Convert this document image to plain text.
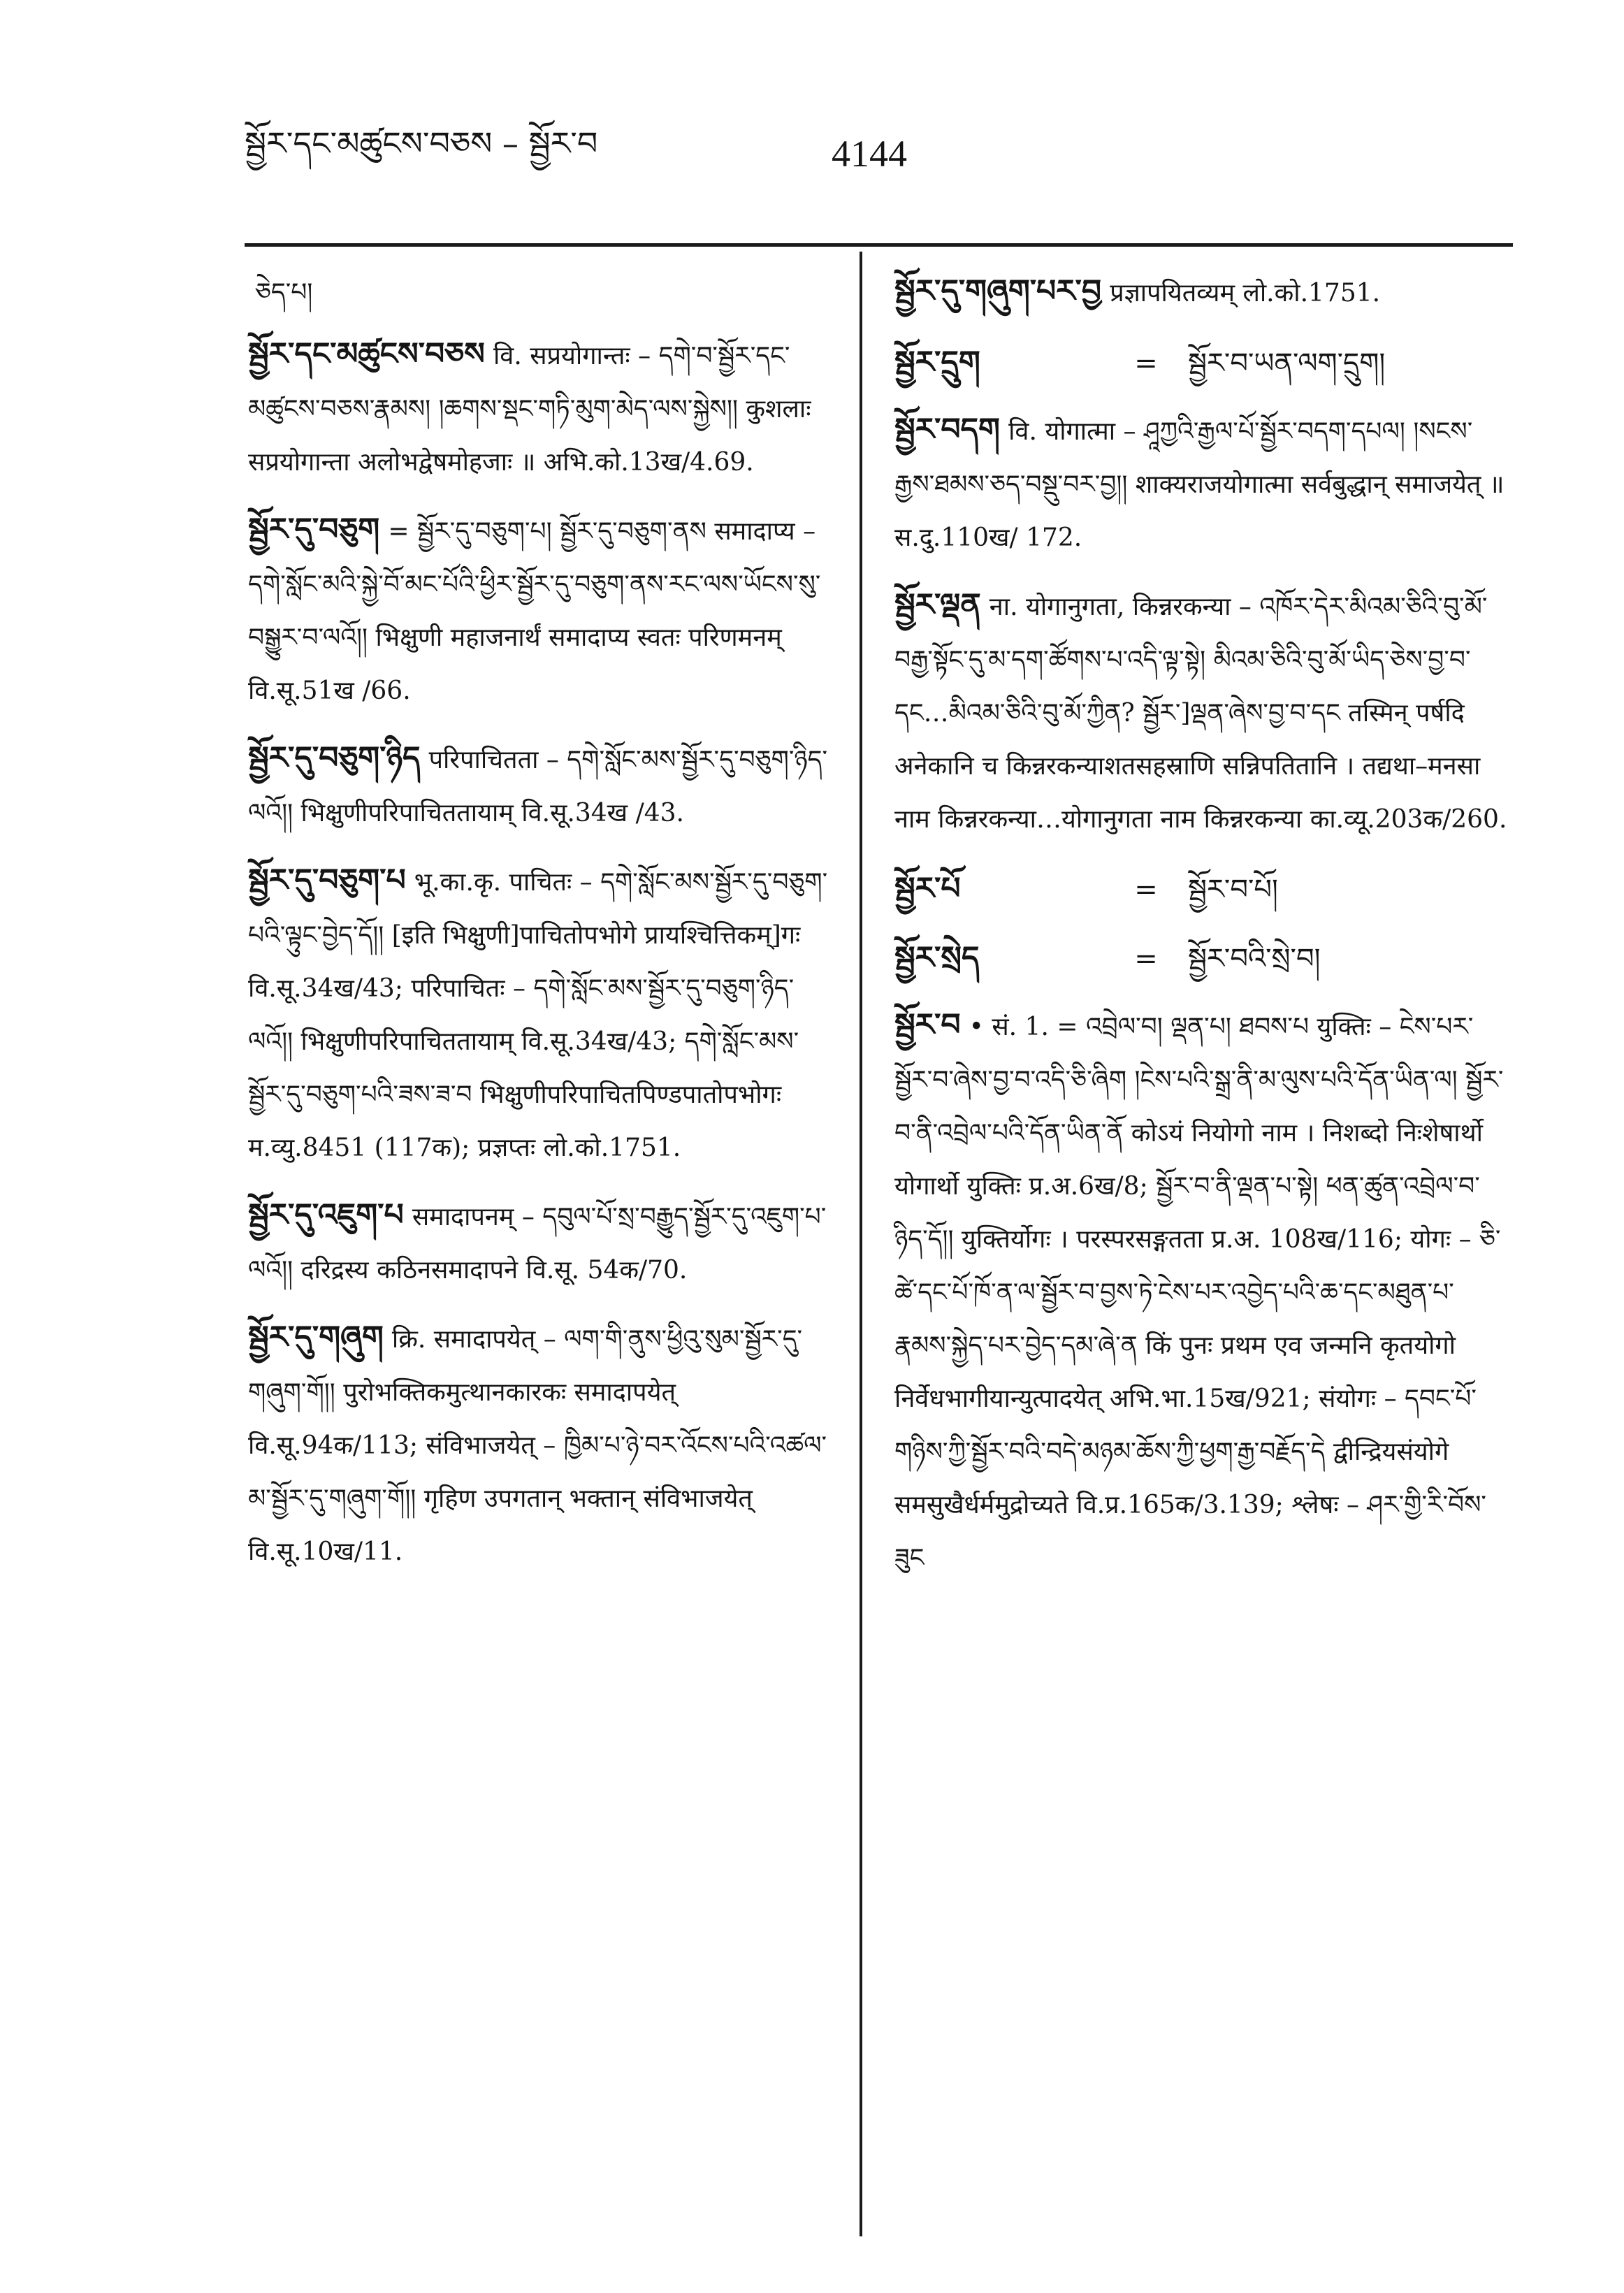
སྦྱོར་དང་མཚུངས་བཅས – སྦྱོར་བ	4144

ཅེད་པ།

སྦྱོར་དང་མཚུངས་བཅས वि. सप्रयोगान्तः – དགེ་བ་སྦྱོར་དང་མཚུངས་བཅས་རྣམས། །ཆགས་སྡང་གཏི་མུག་མེད་ལས་སྐྱེས།། कुशलाः सप्रयोगान्ता अलोभद्वेषमोहजाः ॥ अभि.को.13ख/4.69.

སྦྱོར་དུ་བཅུག = སྦྱོར་དུ་བཅུག་པ། སྦྱོར་དུ་བཅུག་ནས समादाप्य – དགེ་སློང་མའི་སྐྱེ་བོ་མང་པོའི་ཕྱིར་སྦྱོར་དུ་བཅུག་ནས་རང་ལས་ཡོངས་སུ་བསྒྱུར་བ་ལའོ།། भिक्षुणी महाजनार्थं समादाप्य स्वतः परिणमनम् वि.सू.51ख /66.

སྦྱོར་དུ་བཅུག་ཉིད परिपाचितता – དགེ་སློང་མས་སྦྱོར་དུ་བཅུག་ཉིད་ལའོ།། भिक्षुणीपरिपाचिततायाम् वि.सू.34ख /43.

སྦྱོར་དུ་བཅུག་པ भू.का.कृ. पाचितः – དགེ་སློང་མས་སྦྱོར་དུ་བཅུག་པའི་ལྟུང་བྱེད་དོ།། [इति भिक्षुणी]पाचितोपभोगे प्रायश्चित्तिकम्]गः वि.सू.34ख/43; परिपाचितः – དགེ་སློང་མས་སྦྱོར་དུ་བཅུག་ཉིད་ལའོ།། भिक्षुणीपरिपाचिततायाम् वि.सू.34ख/43; དགེ་སློང་མས་སྦྱོར་དུ་བཅུག་པའི་ཟས་ཟ་བ भिक्षुणीपरिपाचितपिण्डपातोपभोगः म.व्यु.8451 (117क); प्रज्ञप्तः लो.को.1751.

སྦྱོར་དུ་འཇུག་པ समादापनम् – དབུལ་པོ་སྲ་བརྒྱུད་སྦྱོར་དུ་འཇུག་པ་ལའོ།། दरिद्रस्य कठिनसमादापने वि.सू. 54क/70.

སྦྱོར་དུ་གཞུག क्रि. समादापयेत् – ལག་གི་ནུས་ཕྱིའུ་སུམ་སྦྱོར་དུ་གཞུག་གོ།། पुरोभक्तिकमुत्थानकारकः समादापयेत् वि.सू.94क/113; संविभाजयेत् – ཁྱིམ་པ་ཉེ་བར་འོངས་པའི་འཚལ་མ་སྦྱོར་དུ་གཞུག་གོ།། गृहिण उपगतान् भक्तान् संविभाजयेत् वि.सू.10ख/11.

སྦྱོར་དུ་གཞུག་པར་བྱ प्रज्ञापयितव्यम् लो.को.1751.

སྦྱོར་དྲུག	=	སྦྱོར་བ་ཡན་ལག་དྲུག།

སྦྱོར་བདག वि. योगात्मा – ཤཱཀྱའི་རྒྱལ་པོ་སྦྱོར་བདག་དཔལ། །སངས་རྒྱས་ཐམས་ཅད་བསྡུ་བར་བྱ།། शाक्यराजयोगात्मा सर्वबुद्धान् समाजयेत् ॥ स.दु.110ख/ 172.

སྦྱོར་ལྡན ना. योगानुगता, किन्नरकन्या – འཁོར་དེར་མིའམ་ཅིའི་བུ་མོ་བརྒྱ་སྟོང་དུ་མ་དག་ཚོགས་པ་འདི་ལྟ་སྟེ། མིའམ་ཅིའི་བུ་མོ་ཡིད་ཅེས་བྱ་བ་དང…མིའམ་ཅིའི་བུ་མོ་ཀྱིན? སྦྱོར་]ལྡན་ཞེས་བྱ་བ་དང तस्मिन् पर्षदि अनेकानि च किन्नरकन्याशतसहस्राणि सन्निपतितानि । तद्यथा–मनसा नाम किन्नरकन्या…योगानुगता नाम किन्नरकन्या का.व्यू.203क/260.

སྦྱོར་པོ	=	སྦྱོར་བ་པོ།
སྦྱོར་སྲེད	=	སྦྱོར་བའི་སྲེ་བ།

སྦྱོར་བ • सं. 1. = འབྲེལ་བ། ལྡན་པ། ཐབས་པ युक्तिः – ངེས་པར་སྦྱོར་བ་ཞེས་བྱ་བ་འདི་ཅི་ཞིག །ངེས་པའི་སྒྲ་ནི་མ་ལུས་པའི་དོན་ཡིན་ལ། སྦྱོར་བ་ནི་འབྲེལ་པའི་དོན་ཡིན་ནོ कोऽयं नियोगो नाम । निशब्दो निःशेषार्थो योगार्थो युक्तिः प्र.अ.6ख/8; སྦྱོར་བ་ནི་ལྡན་པ་སྟེ། ཕན་ཚུན་འབྲེལ་བ་ཉིད་དོ།། युक्तिर्योगः । परस्परसङ्गतता प्र.अ. 108ख/116; योगः – ཅི་ཚེ་དང་པོ་ཁོ་ན་ལ་སྦྱོར་བ་བྱས་ཏེ་ངེས་པར་འབྱེད་པའི་ཆ་དང་མཐུན་པ་རྣམས་སྐྱེད་པར་བྱེད་དམ་ཞེ་ན किं पुनः प्रथम एव जन्मनि कृतयोगो निर्वेधभागीयान्युत्पादयेत् अभि.भा.15ख/921; संयोगः – དབང་པོ་གཉིས་ཀྱི་སྦྱོར་བའི་བདེ་མཉམ་ཆོས་ཀྱི་ཕྱག་རྒྱ་བརྗོད་དེ द्वीन्द्रियसंयोगे समसुखैर्धर्ममुद्रोच्यते वि.प्र.165क/3.139; श्लेषः – ཤར་གྱི་རི་བོས་ཟུང
